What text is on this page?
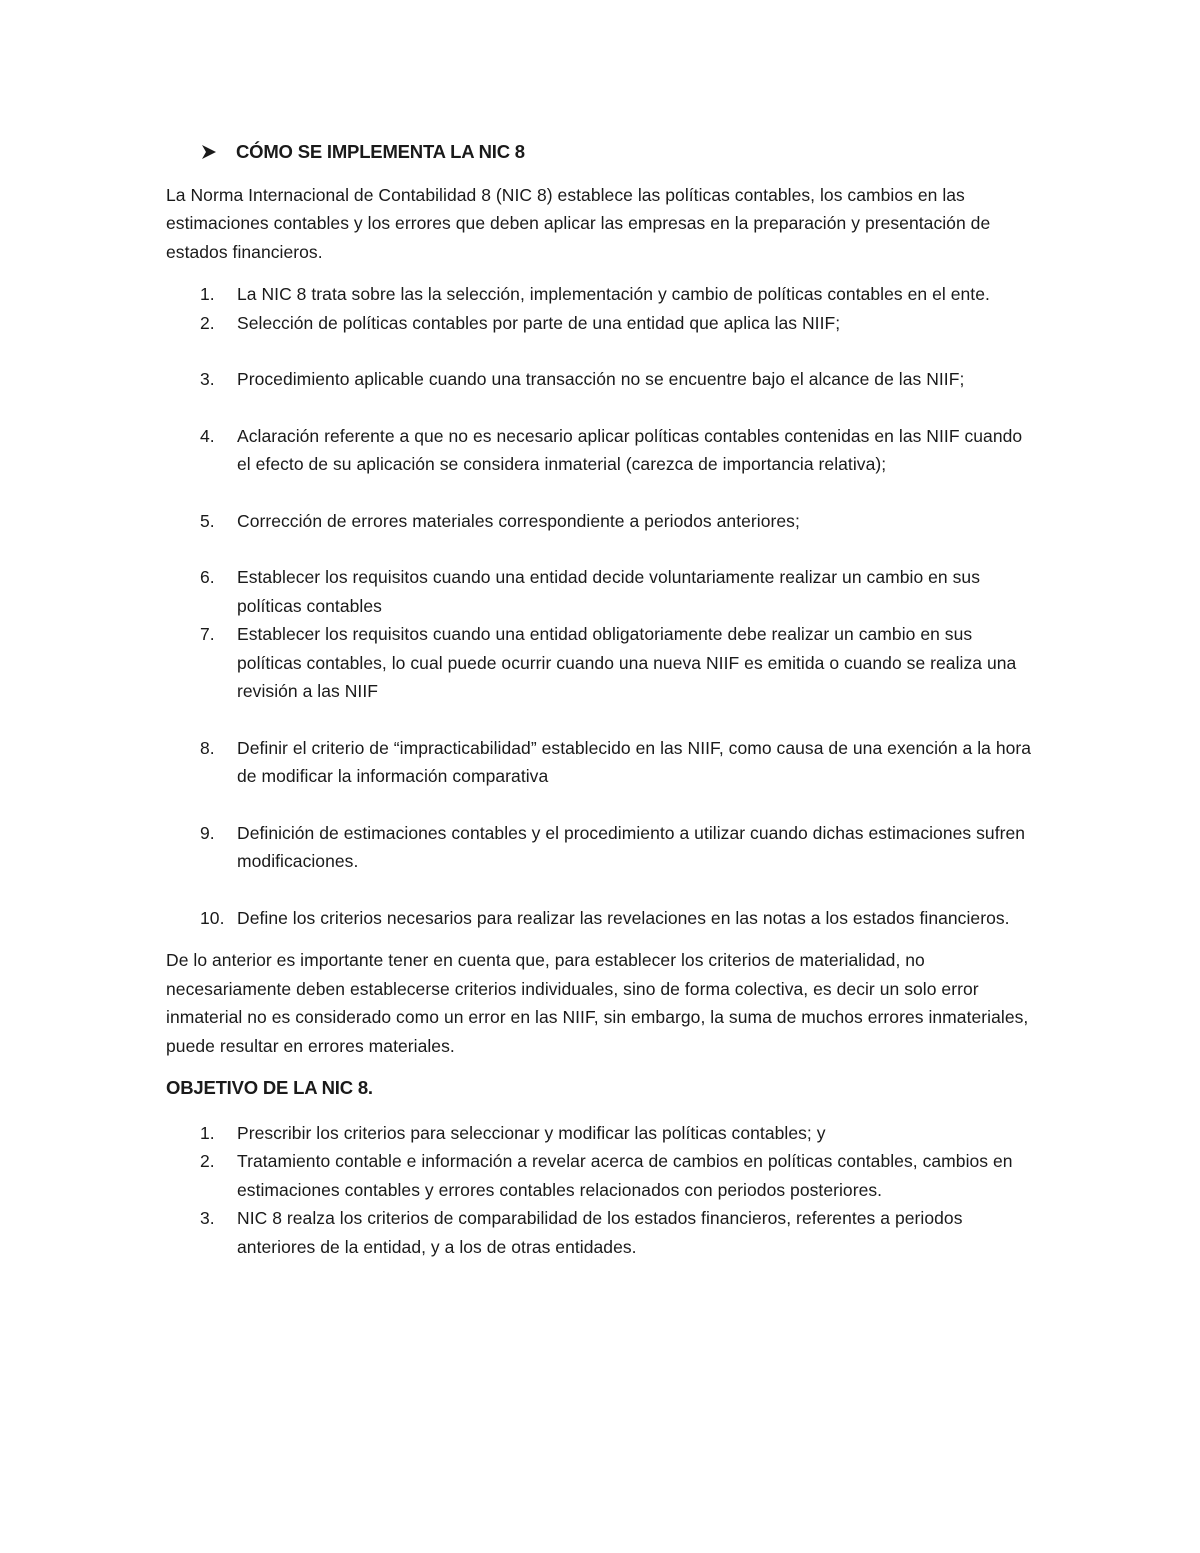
CÓMO SE IMPLEMENTA LA NIC 8

La Norma Internacional de Contabilidad 8 (NIC 8) establece las políticas contables, los cambios en las estimaciones contables y los errores que deben aplicar las empresas en la preparación y presentación de estados financieros.

1. La NIC 8 trata sobre las la selección, implementación y cambio de políticas contables en el ente.
2. Selección de políticas contables por parte de una entidad que aplica las NIIF;
3. Procedimiento aplicable cuando una transacción no se encuentre bajo el alcance de las NIIF;
4. Aclaración referente a que no es necesario aplicar políticas contables contenidas en las NIIF cuando el efecto de su aplicación se considera inmaterial (carezca de importancia relativa);
5. Corrección de errores materiales correspondiente a periodos anteriores;
6. Establecer los requisitos cuando una entidad decide voluntariamente realizar un cambio en sus políticas contables
7. Establecer los requisitos cuando una entidad obligatoriamente debe realizar un cambio en sus políticas contables, lo cual puede ocurrir cuando una nueva NIIF es emitida o cuando se realiza una revisión a las NIIF
8. Definir el criterio de “impracticabilidad” establecido en las NIIF, como causa de una exención a la hora de modificar la información comparativa
9. Definición de estimaciones contables y el procedimiento a utilizar cuando dichas estimaciones sufren modificaciones.
10. Define los criterios necesarios para realizar las revelaciones en las notas a los estados financieros.

De lo anterior es importante tener en cuenta que, para establecer los criterios de materialidad, no necesariamente deben establecerse criterios individuales, sino de forma colectiva, es decir un solo error inmaterial no es considerado como un error en las NIIF, sin embargo, la suma de muchos errores inmateriales, puede resultar en errores materiales.

OBJETIVO DE LA NIC 8.
1. Prescribir los criterios para seleccionar y modificar las políticas contables; y
2. Tratamiento contable e información a revelar acerca de cambios en políticas contables, cambios en estimaciones contables y errores contables relacionados con periodos posteriores.
3. NIC 8 realza los criterios de comparabilidad de los estados financieros, referentes a periodos anteriores de la entidad, y a los de otras entidades.
